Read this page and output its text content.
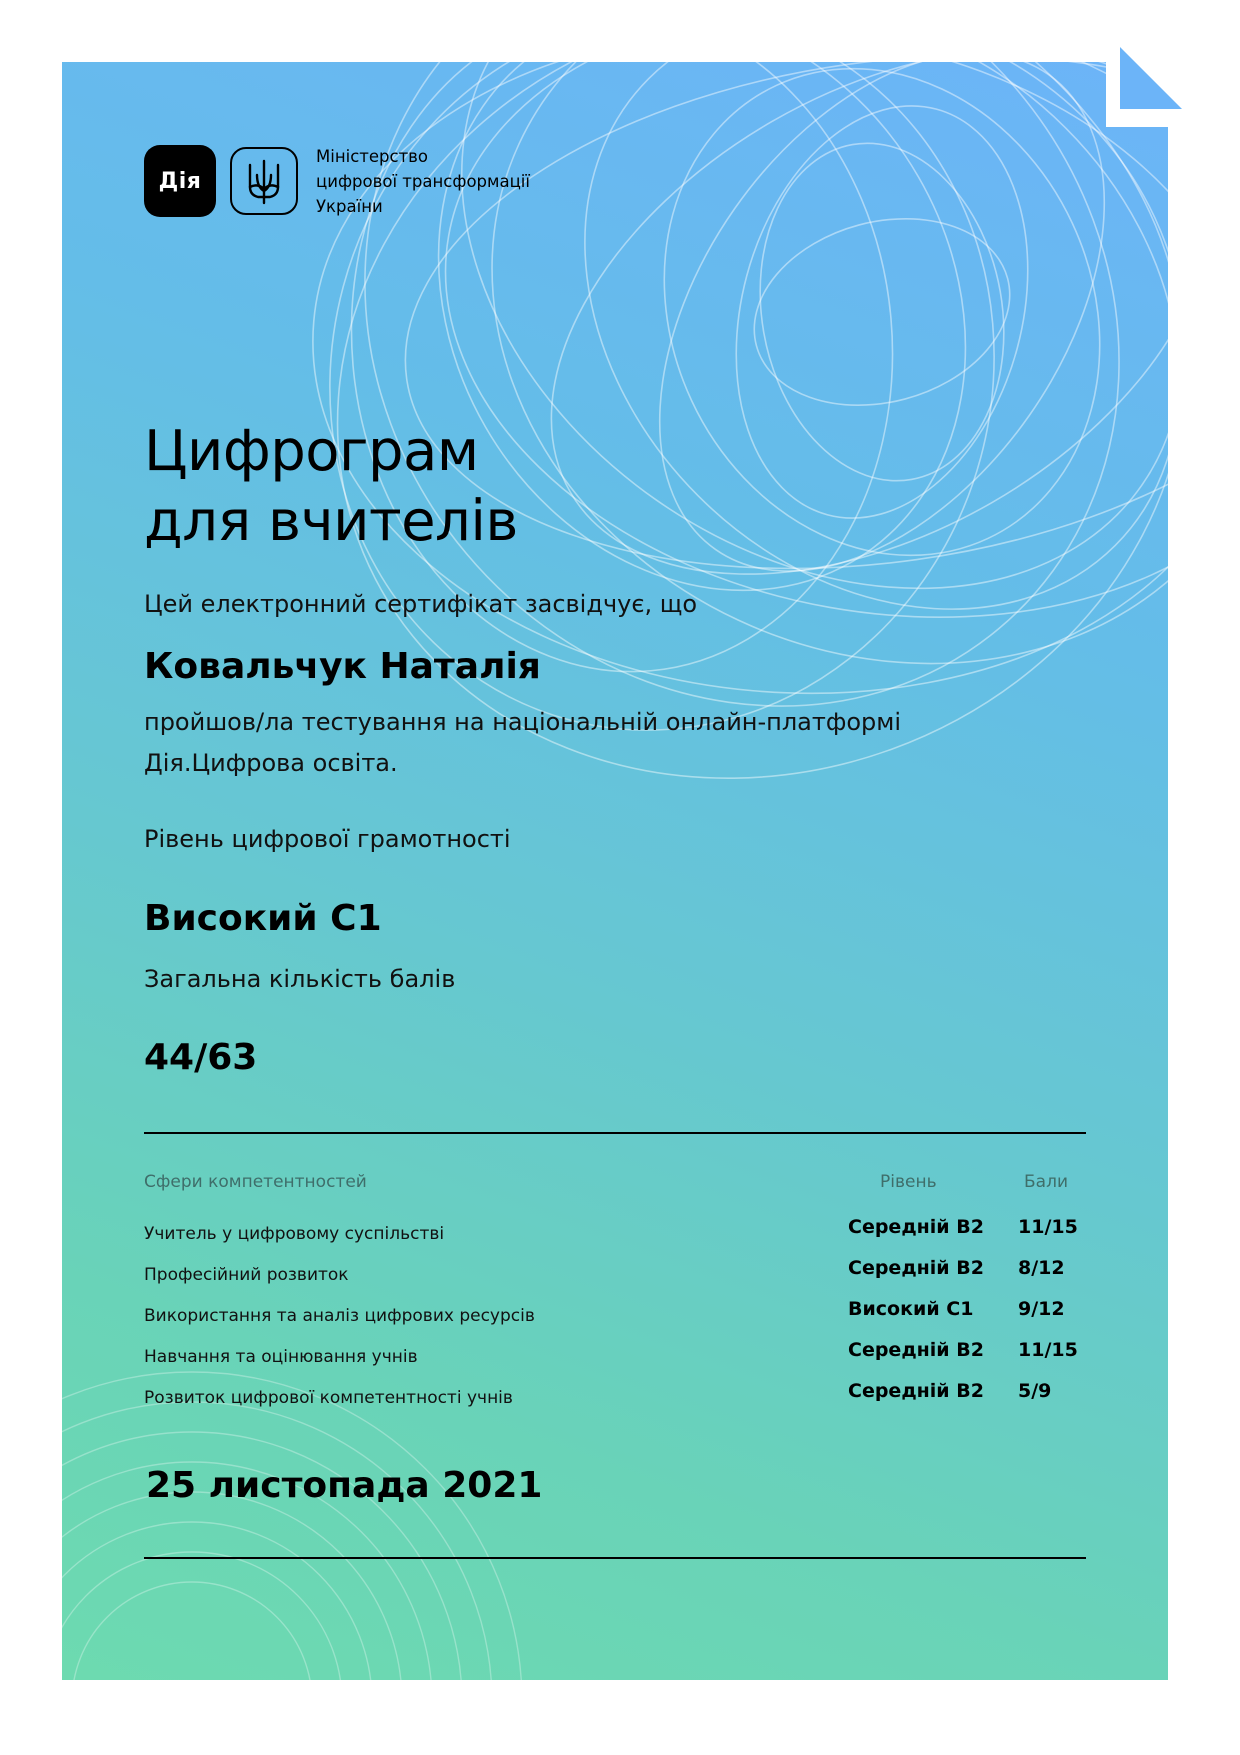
Дія
Міністерство
цифрової трансформації
України
Цифрограм
для вчителів
Цей електронний сертифікат засвідчує, що
Ковальчук Наталія
пройшов/ла тестування на національній онлайн-платформі
Дія.Цифрова освіта.
Рівень цифрової грамотності
Високий С1
Загальна кількість балів
44/63
Сфери компетентностей	Рівень	Бали
Учитель у цифровому суспільстві	Середній В2 11/15
Професійний розвиток	Середній В2 8/12
Використання та аналіз цифрових ресурсів	Високий С1 9/12
Навчання та оцінювання учнів	Середній В2 11/15
Розвиток цифрової компетентності учнів	Середній В2 5/9
25 листопада 2021
